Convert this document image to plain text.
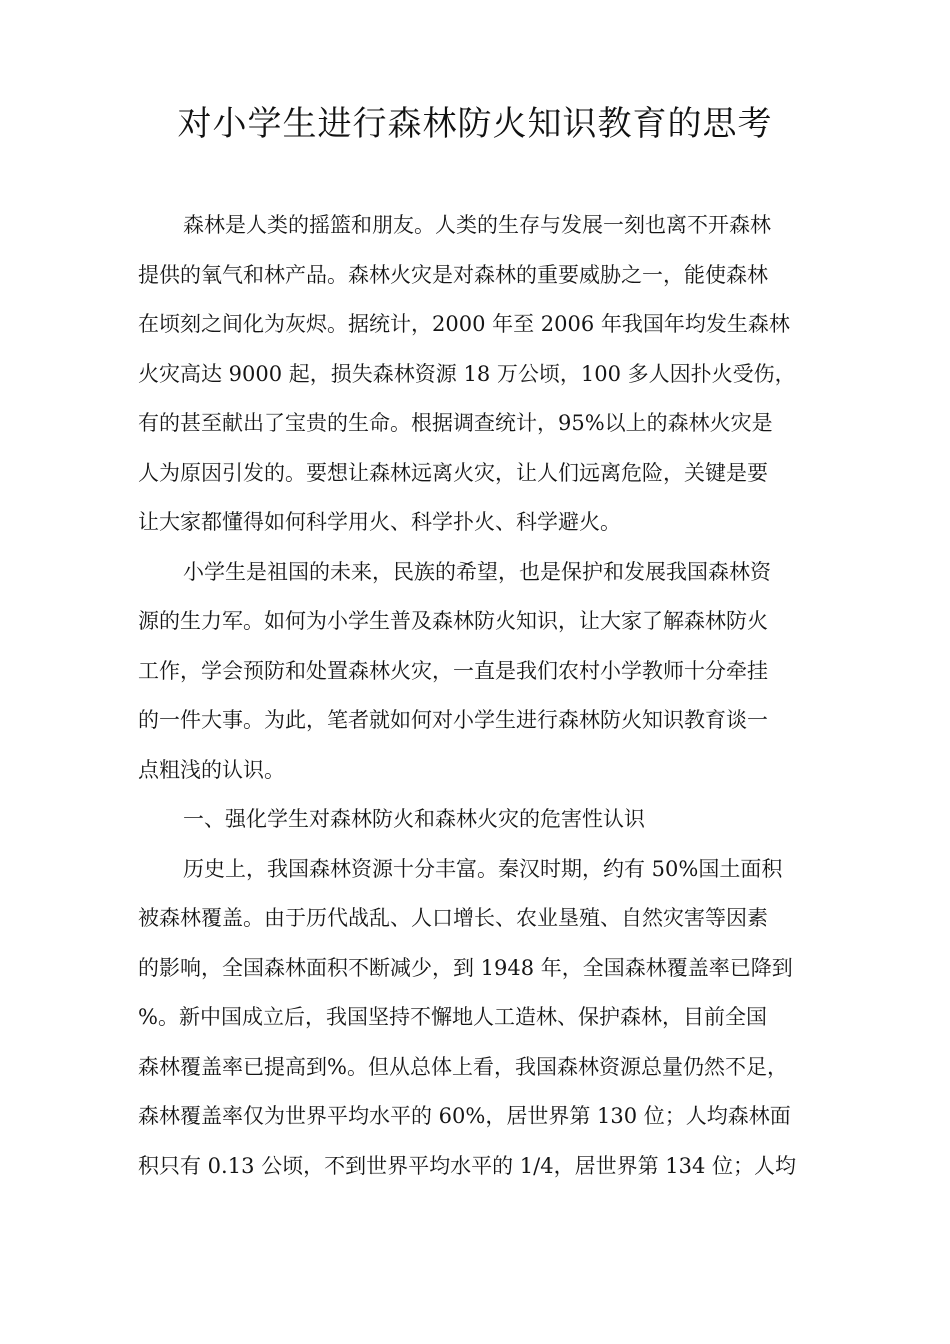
对小学生进行森林防火知识教育的思考
森林是人类的摇篮和朋友。人类的生存与发展一刻也离不开森林
提供的氧气和林产品。森林火灾是对森林的重要威胁之一，能使森林
在顷刻之间化为灰烬。据统计，2000 年至 2006 年我国年均发生森林
火灾高达 9000 起，损失森林资源 18 万公顷，100 多人因扑火受伤，
有的甚至献出了宝贵的生命。根据调查统计，95%以上的森林火灾是
人为原因引发的。要想让森林远离火灾，让人们远离危险，关键是要
让大家都懂得如何科学用火、科学扑火、科学避火。
小学生是祖国的未来，民族的希望，也是保护和发展我国森林资
源的生力军。如何为小学生普及森林防火知识，让大家了解森林防火
工作，学会预防和处置森林火灾，一直是我们农村小学教师十分牵挂
的一件大事。为此，笔者就如何对小学生进行森林防火知识教育谈一
点粗浅的认识。
一、强化学生对森林防火和森林火灾的危害性认识
历史上，我国森林资源十分丰富。秦汉时期，约有 50%国土面积
被森林覆盖。由于历代战乱、人口增长、农业垦殖、自然灾害等因素
的影响，全国森林面积不断减少，到 1948 年，全国森林覆盖率已降到
%。新中国成立后，我国坚持不懈地人工造林、保护森林，目前全国
森林覆盖率已提高到%。但从总体上看，我国森林资源总量仍然不足，
森林覆盖率仅为世界平均水平的 60%，居世界第 130 位；人均森林面
积只有 0.13 公顷，不到世界平均水平的 1/4，居世界第 134 位；人均
